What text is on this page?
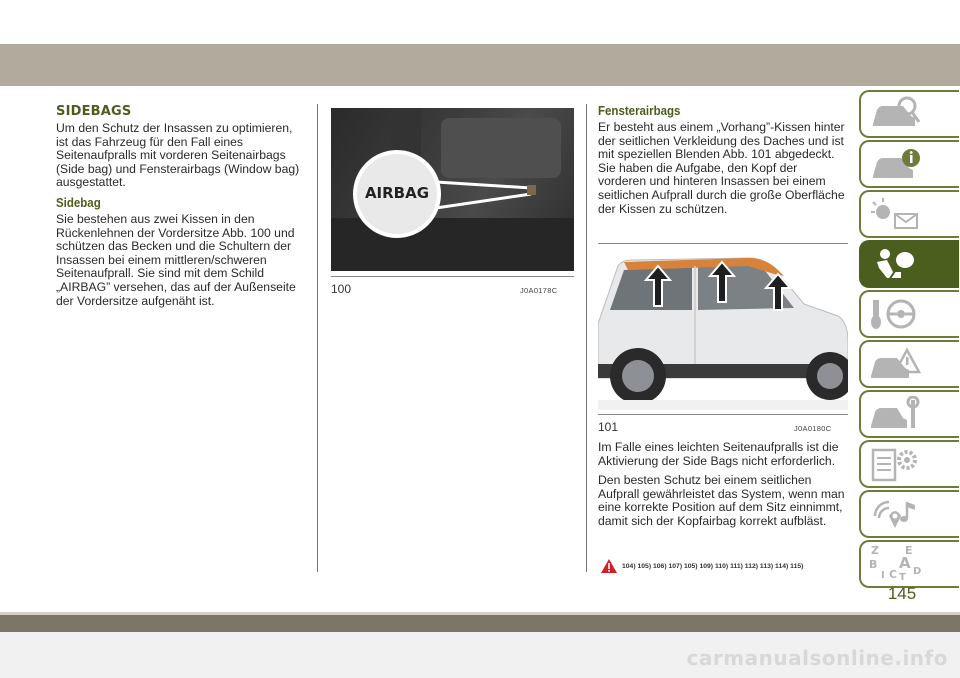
SIDEBAGS

Um den Schutz der Insassen zu optimieren, ist das Fahrzeug für den Fall eines Seitenaufpralls mit vorderen Seitenairbags (Side bag) und Fensterairbags (Window bag) ausgestattet.

Sidebag

Sie bestehen aus zwei Kissen in den Rückenlehnen der Vordersitze Abb. 100 und schützen das Becken und die Schultern der Insassen bei einem mittleren/schweren Seitenaufprall. Sie sind mit dem Schild „AIRBAG” versehen, das auf der Außenseite der Vordersitze aufgenäht ist.

AIRBAG
100	J0A0178C
Fensterairbags

Er besteht aus einem „Vorhang”-Kissen hinter der seitlichen Verkleidung des Daches und ist mit speziellen Blenden Abb. 101 abgedeckt. Sie haben die Aufgabe, den Kopf der vorderen und hinteren Insassen bei einem seitlichen Aufprall durch die große Oberfläche der Kissen zu schützen.

101	J0A0180C

Im Falle eines leichten Seitenaufpralls ist die Aktivierung der Side Bags nicht erforderlich.

Den besten Schutz bei einem seitlichen Aufprall gewährleistet das System, wenn man eine korrekte Position auf dem Sitz einnimmt, damit sich der Kopfairbag korrekt aufbläst.

104) 105) 106) 107) 105) 109) 110) 111) 112) 113) 114) 115)
Z E
A
B
C D
I T
145
carmanualsonline.info
